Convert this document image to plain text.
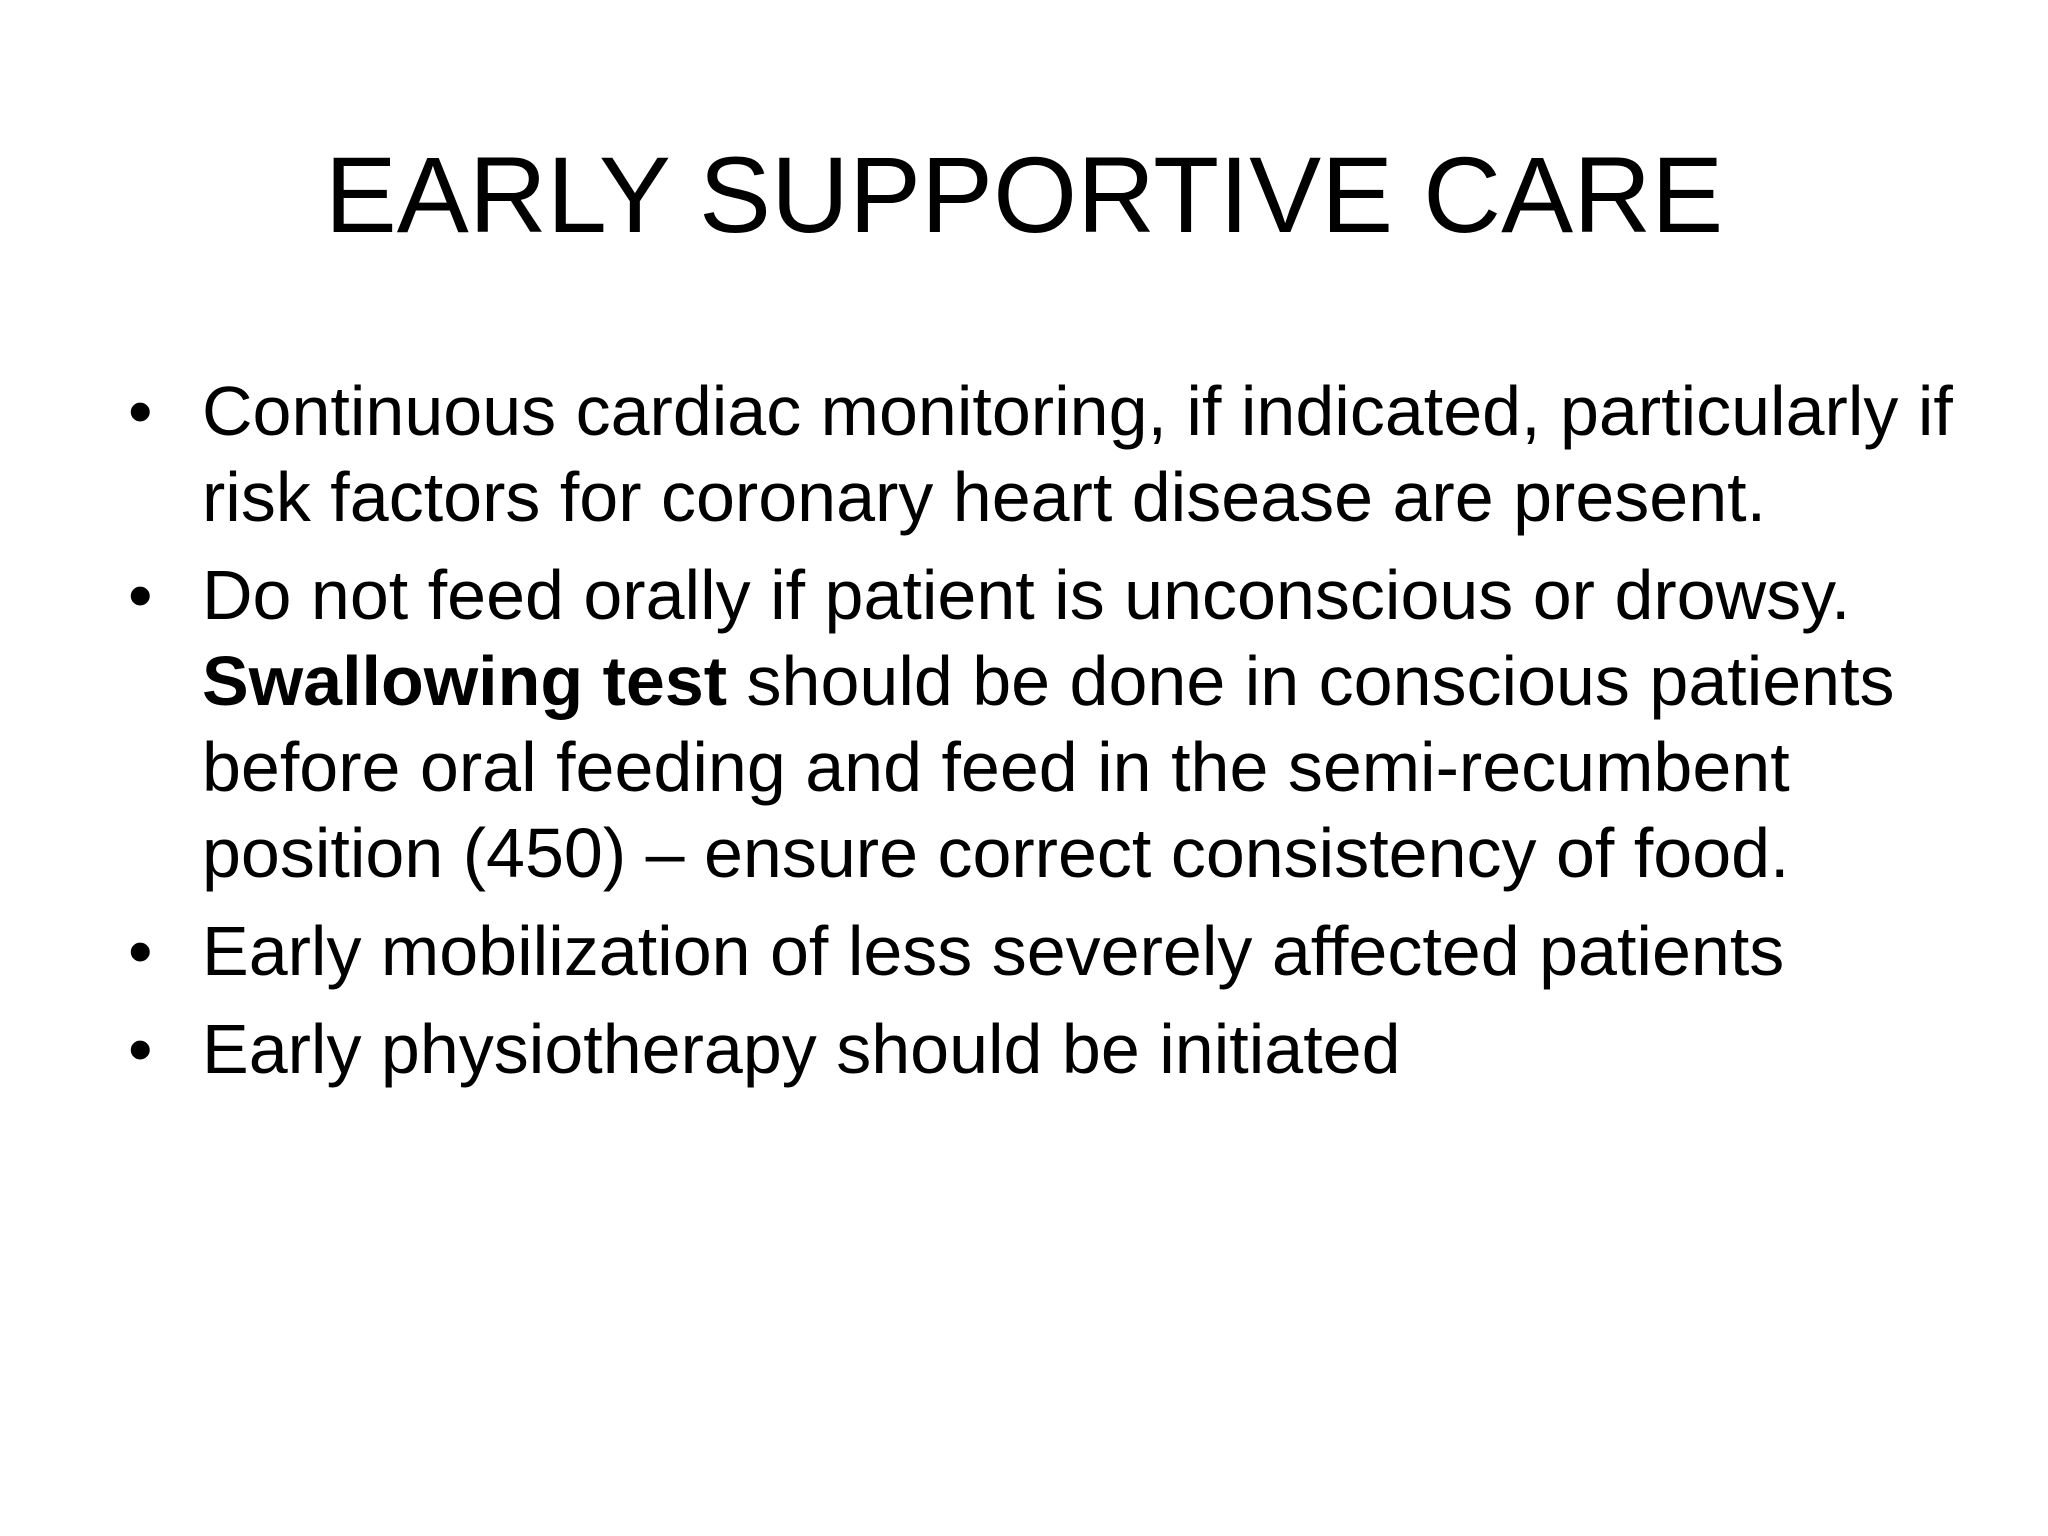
EARLY SUPPORTIVE CARE
• Continuous cardiac monitoring, if indicated, particularly if risk factors for coronary heart disease are present.
• Do not feed orally if patient is unconscious or drowsy. Swallowing test should be done in conscious patients before oral feeding and feed in the semi-recumbent position (450) – ensure correct consistency of food.
• Early mobilization of less severely affected patients
• Early physiotherapy should be initiated
